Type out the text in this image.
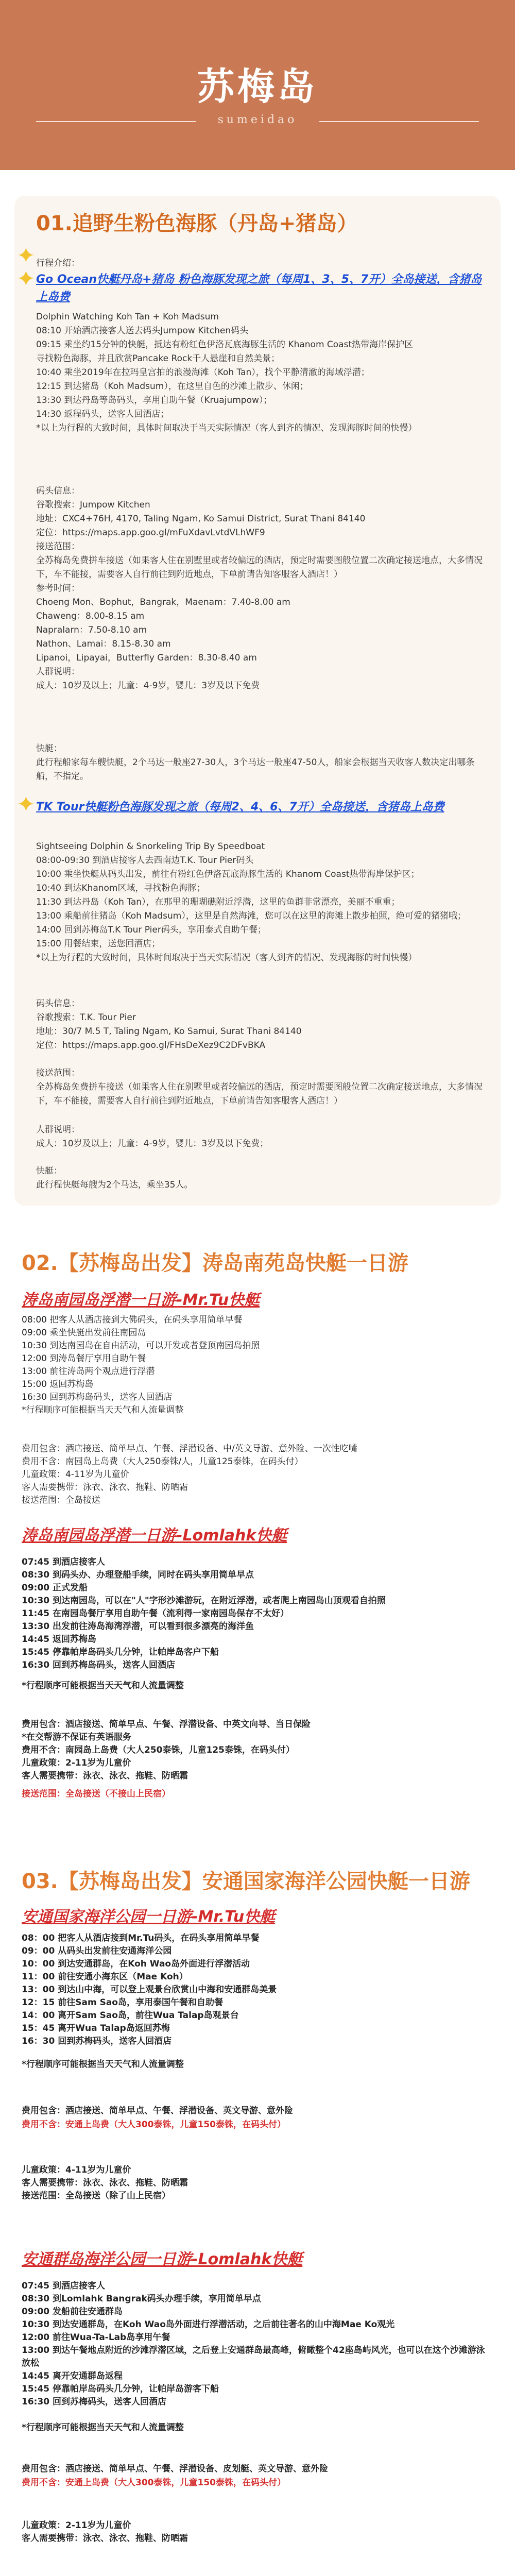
苏梅岛
sumeidao
01.追野生粉色海豚（丹岛+猪岛）
✦ 行程介绍：
✦ Go Ocean快艇丹岛+猪岛 粉色海豚发现之旅（每周1、3、5、7开）全岛接送，含猪岛上岛费
Dolphin Watching Koh Tan + Koh Madsum
08:10 开始酒店接客人送去码头Jumpow Kitchen码头
09:15 乘坐约15分钟的快艇，抵达有粉红色伊洛瓦底海豚生活的 Khanom Coast热带海岸保护区
寻找粉色海豚，并且欣赏Pancake Rock千人悬崖和自然美景；
10:40 乘坐2019年在拉玛皇宫拍的浪漫海滩（Koh Tan），找个平静清澈的海域浮潜；
12:15 到达猪岛（Koh Madsum），在这里自色的沙滩上散步、休闲；
13:30 到达丹岛等岛码头，享用自助午餐（Kruajumpow）；
14:30 返程码头，送客人回酒店；
*以上为行程的大致时间，具体时间取决于当天实际情况（客人到齐的情况、发现海豚时间的快慢）
码头信息：
谷歌搜索：Jumpow Kitchen
地址：CXC4+76H, 4170, Taling Ngam, Ko Samui District, Surat Thani 84140
定位：https://maps.app.goo.gl/mFuXdavLvtdVLhWF9
接送范围：
全苏梅岛免费拼车接送（如果客人住在别墅里或者较偏远的酒店，预定时需要图般位置二次确定接送地点，大多情况下，车不能接，需要客人自行前往到附近地点，下单前请告知客服客人酒店！）
参考时间：
Choeng Mon、Bophut，Bangrak，Maenam：7.40-8.00 am
Chaweng：8.00-8.15 am
Napralarn：7.50-8.10 am
Nathon、Lamai：8.15-8.30 am
Lipanoi，Lipayai，Butterfly Garden：8.30-8.40 am
人群说明：
成人：10岁及以上；儿童：4-9岁，婴儿：3岁及以下免费
快艇：
此行程船家每车艘快艇，2个马达一般座27-30人，3个马达一般座47-50人，船家会根据当天收客人数决定出哪条船，不指定。
✦ TK Tour快艇粉色海豚发现之旅（每周2、4、6、7开）全岛接送，含猪岛上岛费
Sightseeing Dolphin & Snorkeling Trip By Speedboat
08:00-09:30 到酒店接客人去西南边T.K. Tour Pier码头
10:00 乘坐快艇从码头出发，前往有粉红色伊洛瓦底海豚生活的 Khanom Coast热带海岸保护区；
10:40 到达Khanom区域，寻找粉色海豚；
11:30 到达丹岛（Koh Tan），在那里的珊瑚礁附近浮潜，这里的鱼群非常漂亮，美丽不重重；
13:00 乘船前往猪岛（Koh Madsum），这里是自然海滩，您可以在这里的海滩上散步拍照，绝可爱的猪猪哦；
14:00 回到苏梅岛T.K Tour Pier码头，享用泰式自助午餐；
15:00 用餐结束，送您回酒店；
*以上为行程的大致时间，具体时间取决于当天实际情况（客人到齐的情况、发现海豚的时间快慢）
码头信息：
谷歌搜索：T.K. Tour Pier
地址：30/7 M.5 T, Taling Ngam, Ko Samui, Surat Thani 84140
定位：https://maps.app.goo.gl/FHsDeXez9C2DFvBKA
接送范围：
全苏梅岛免费拼车接送（如果客人住在别墅里或者较偏远的酒店，预定时需要图般位置二次确定接送地点，大多情况下，车不能接，需要客人自行前往到附近地点，下单前请告知客服客人酒店！）
人群说明：
成人：10岁及以上；儿童：4-9岁，婴儿：3岁及以下免费；
快艇：
此行程快艇每艘为2个马达，乘坐35人。
02.【苏梅岛出发】涛岛南苑岛快艇一日游
涛岛南园岛浮潜一日游-Mr.Tu快艇
08:00 把客人从酒店接到大佛码头，在码头享用简单早餐
09:00 乘坐快艇出发前往南园岛
10:30 到达南园岛在自由活动，可以开发或者登顶南园岛拍照
12:00 到涛岛餐厅享用自助午餐
13:00 前往涛岛两个观点进行浮潜
15:00 返回苏梅岛
16:30 回到苏梅岛码头，送客人回酒店
*行程顺序可能根据当天天气和人流量调整
费用包含：酒店接送、简单早点、午餐、浮潜设备、中/英文导游、意外险、一次性吃嘴
费用不含：南园岛上岛费（大人250泰铢/人，儿童125泰铢，在码头付）
儿童政策：4-11岁为儿童价
客人需要携带：泳衣、泳衣、拖鞋、防晒霜
接送范围：全岛接送
涛岛南园岛浮潜一日游-Lomlahk快艇
07:45 到酒店接客人
08:30 到码头办、办理登船手续，同时在码头享用简单早点
09:00 正式发船
10:30 到达南园岛，可以在"人"字形沙滩游玩，在附近浮潜，或者爬上南园岛山顶观看自拍照
11:45 在南园岛餐厅享用自助午餐（流利得一家南园岛保存不太好）
13:30 出发前往涛岛海湾浮潜，可以看到很多漂亮的海洋鱼
14:45 返回苏梅岛
15:45 停靠帕岸岛码头几分钟，让帕岸岛客户下船
16:30 回到苏梅岛码头，送客人回酒店
*行程顺序可能根据当天天气和人流量调整
费用包含：酒店接送、简单早点、午餐、浮潜设备、中英文向导、当日保险
*在交帮游不保证有英语服务
费用不含：南园岛上岛费（大人250泰铢，儿童125泰铢，在码头付）
儿童政策：2-11岁为儿童价
客人需要携带：泳衣、泳衣、拖鞋、防晒霜
接送范围：全岛接送（不接山上民宿）
03.【苏梅岛出发】安通国家海洋公园快艇一日游
安通国家海洋公园一日游-Mr.Tu快艇
08：00 把客人从酒店接到Mr.Tu码头，在码头享用简单早餐
09：00 从码头出发前往安通海洋公园
10：00 到达安通群岛，在Koh Wao岛外面进行浮潜活动
11：00 前往安通小海东区（Mae Koh）
13：00 到达山中海，可以登上观景台欣赏山中海和安通群岛美景
12：15 前往Sam Sao岛，享用泰国午餐和自助餐
14：00 离开Sam Sao岛，前往Wua Talap岛观景台
15：45 离开Wua Talap岛返回苏梅
16：30 回到苏梅码头，送客人回酒店
*行程顺序可能根据当天天气和人流量调整
费用包含：酒店接送、简单早点、午餐、浮潜设备、英文导游、意外险
费用不含：安通上岛费（大人300泰铢，儿童150泰铢，在码头付）
儿童政策：4-11岁为儿童价
客人需要携带：泳衣、泳衣、拖鞋、防晒霜
接送范围：全岛接送（除了山上民宿）
安通群岛海洋公园一日游-Lomlahk快艇
07:45 到酒店接客人
08:30 到Lomlahk Bangrak码头办理手续，享用简单早点
09:00 发船前往安通群岛
10:30 到达安通群岛，在Koh Wao岛外面进行浮潜活动，之后前往著名的山中海Mae Ko观光
12:00 前往Wua-Ta-Lab岛享用午餐
13:00 到达午餐地点附近的沙滩浮潜区域，之后登上安通群岛最高峰，俯瞰整个42座岛屿风光，也可以在这个沙滩游泳放松
14:45 离开安通群岛返程
15:45 停靠帕岸岛码头几分钟，让帕岸岛游客下船
16:30 回到苏梅码头，送客人回酒店
*行程顺序可能根据当天天气和人流量调整
费用包含：酒店接送、简单早点、午餐、浮潜设备、皮划艇、英文导游、意外险
费用不含：安通上岛费（大人300泰铢，儿童150泰铢，在码头付）
儿童政策：2-11岁为儿童价
客人需要携带：泳衣、泳衣、拖鞋、防晒霜
